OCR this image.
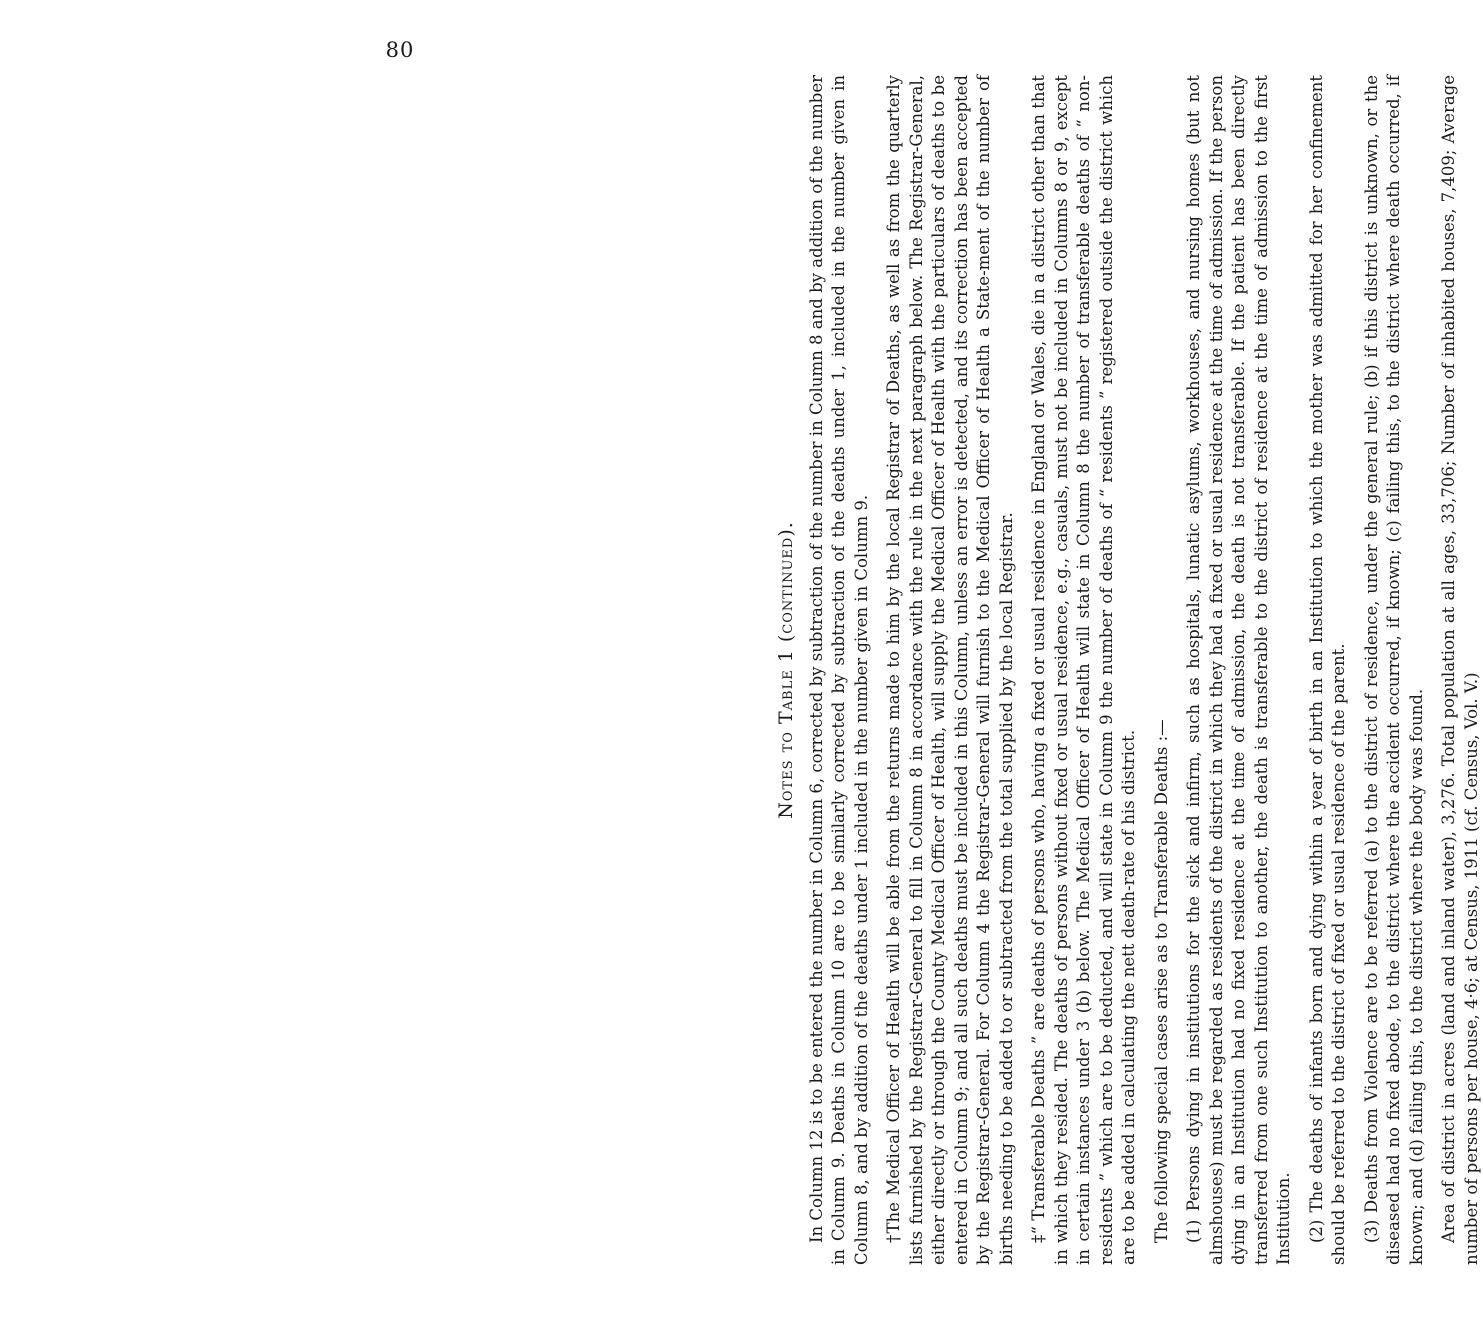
80
Notes to Table 1 (continued). In Column 12 is to be entered the number in Column 6, corrected by subtraction of the number in Column 8 and by addition of the number in Column 9. Deaths in Column 10 are to be similarly corrected by subtraction of the deaths under 1, included in the number given in Column 8, and by addition of the deaths under 1 included in the number given in Column 9. †The Medical Officer of Health will be able from the returns made to him by the local Registrar of Deaths, as well as from the quarterly lists furnished by the Registrar-General to fill in Column 8 in accordance with the rule in the next paragraph below. The Registrar-General, either directly or through the County Medical Officer of Health, will supply the Medical Officer of Health with the particulars of deaths to be entered in Column 9; and all such deaths must be included in this Column, unless an error is detected, and its correction has been accepted by the Registrar-General. For Column 4 the Registrar-General will furnish to the Medical Officer of Health a State-ment of the number of births needing to be added to or subtracted from the total supplied by the local Registrar. ‡“ Transferable Deaths ” are deaths of persons who, having a fixed or usual residence in England or Wales, die in a district other than that in which they resided. The deaths of persons without fixed or usual residence, e.g., casuals, must not be included in Columns 8 or 9, except in certain instances under 3 (b) below. The Medical Officer of Health will state in Column 8 the number of transferable deaths of “ non-residents ” which are to be deducted, and will state in Column 9 the number of deaths of “ residents ” registered outside the district which are to be added in calculating the nett death-rate of his district. The following special cases arise as to Transferable Deaths :— (1) Persons dying in institutions for the sick and infirm, such as hospitals, lunatic asylums, workhouses, and nursing homes (but not almshouses) must be regarded as residents of the district in which they had a fixed or usual residence at the time of admission. If the person dying in an Institution had no fixed residence at the time of admission, the death is not transferable. If the patient has been directly transferred from one such Institution to another, the death is transferable to the district of residence at the time of admission to the first Institution. (2) The deaths of infants born and dying within a year of birth in an Institution to which the mother was admitted for her confinement should be referred to the district of fixed or usual residence of the parent. (3) Deaths from Violence are to be referred (a) to the district of residence, under the general rule; (b) if this district is unknown, or the diseased had no fixed abode, to the district where the accident occurred, if known; (c) failing this, to the district where death occurred, if known; and (d) failing this, to the district where the body was found. Area of district in acres (land and inland water), 3,276. Total population at all ages, 33,706; Number of inhabited houses, 7,409; Average number of persons per house, 4·6; at Census, 1911 (cf. Census, Vol. V.)
